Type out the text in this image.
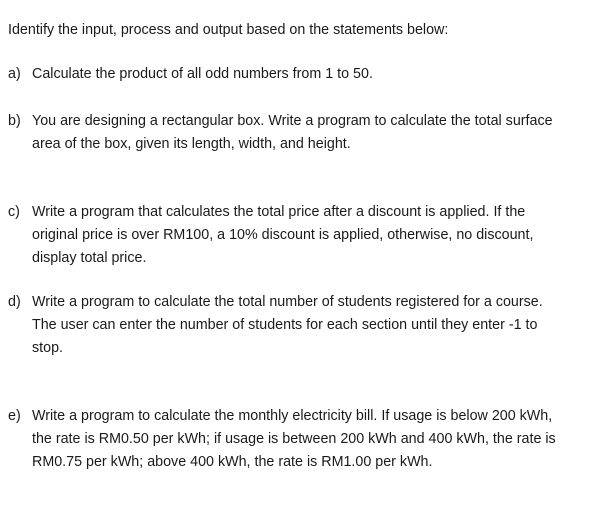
Identify the input, process and output based on the statements below:
a) Calculate the product of all odd numbers from 1 to 50.
b) You are designing a rectangular box. Write a program to calculate the total surface
area of the box, given its length, width, and height.
c) Write a program that calculates the total price after a discount is applied. If the
original price is over RM100, a 10% discount is applied, otherwise, no discount,
display total price.
d) Write a program to calculate the total number of students registered for a course.
The user can enter the number of students for each section until they enter -1 to
stop.
e) Write a program to calculate the monthly electricity bill. If usage is below 200 kWh,
the rate is RM0.50 per kWh; if usage is between 200 kWh and 400 kWh, the rate is
RM0.75 per kWh; above 400 kWh, the rate is RM1.00 per kWh.
